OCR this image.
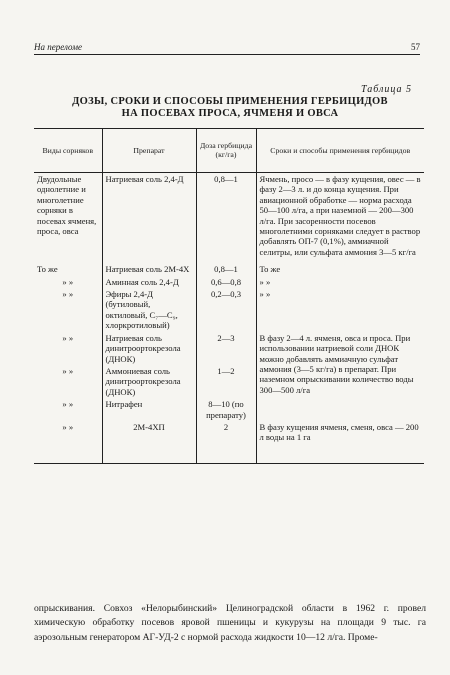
На переломе	57
Таблица 5
ДОЗЫ, СРОКИ И СПОСОБЫ ПРИМЕНЕНИЯ ГЕРБИЦИДОВ
НА ПОСЕВАХ ПРОСА, ЯЧМЕНЯ И ОВСА
Виды сорняков	Препарат	Доза гербицида (кг/га)	Сроки и способы применения гербицидов
Двудольные однолетние и многолетние сорняки в посевах ячменя, проса, овса	Натриевая соль 2,4-Д	0,8—1	Ячмень, просо — в фазу кущения, овес — в фазу 2—3 л. и до конца кущения. При авиационной обработке — норма расхода 50—100 л/га, а при наземной — 200—300 л/га. При засоренности посевов многолетними сорняками следует в раствор добавлять ОП-7 (0,1%), аммиачной селитры, или сульфата аммония 3—5 кг/га
То же	Натриевая соль 2М-4Х	0,8—1	То же
» »	Аминная соль 2,4-Д	0,6—0,8	» »
» »	Эфиры 2,4-Д (бутиловый, октиловый, С₇—С₉, хлоркротиловый)	0,2—0,3	» »
» »	Натриевая соль динитроортокрезола (ДНОК)	2—3	В фазу 2—4 л. ячменя, овса и проса. При использовании натриевой соли ДНОК можно добавлять аммиачную сульфат аммония (3—5 кг/га) в препарат. При наземном опрыскивании количество воды 300—500 л/га
» »	Аммониевая соль динитроортокрезола (ДНОК)	1—2	
» »	Нитрафен	8—10 (по препарату)	
» »	2М-4ХП	2	В фазу кущения ячменя, сменя, овса — 200 л воды на 1 га
опрыскивания. Совхоз «Нелорыбинский» Целиноградской области в 1962 г. провел химическую обработку посевов яровой пшеницы и кукурузы на площади 9 тыс. га аэрозольным генератором АГ-УД-2 с нормой расхода жидкости 10—12 л/га. Проме-
